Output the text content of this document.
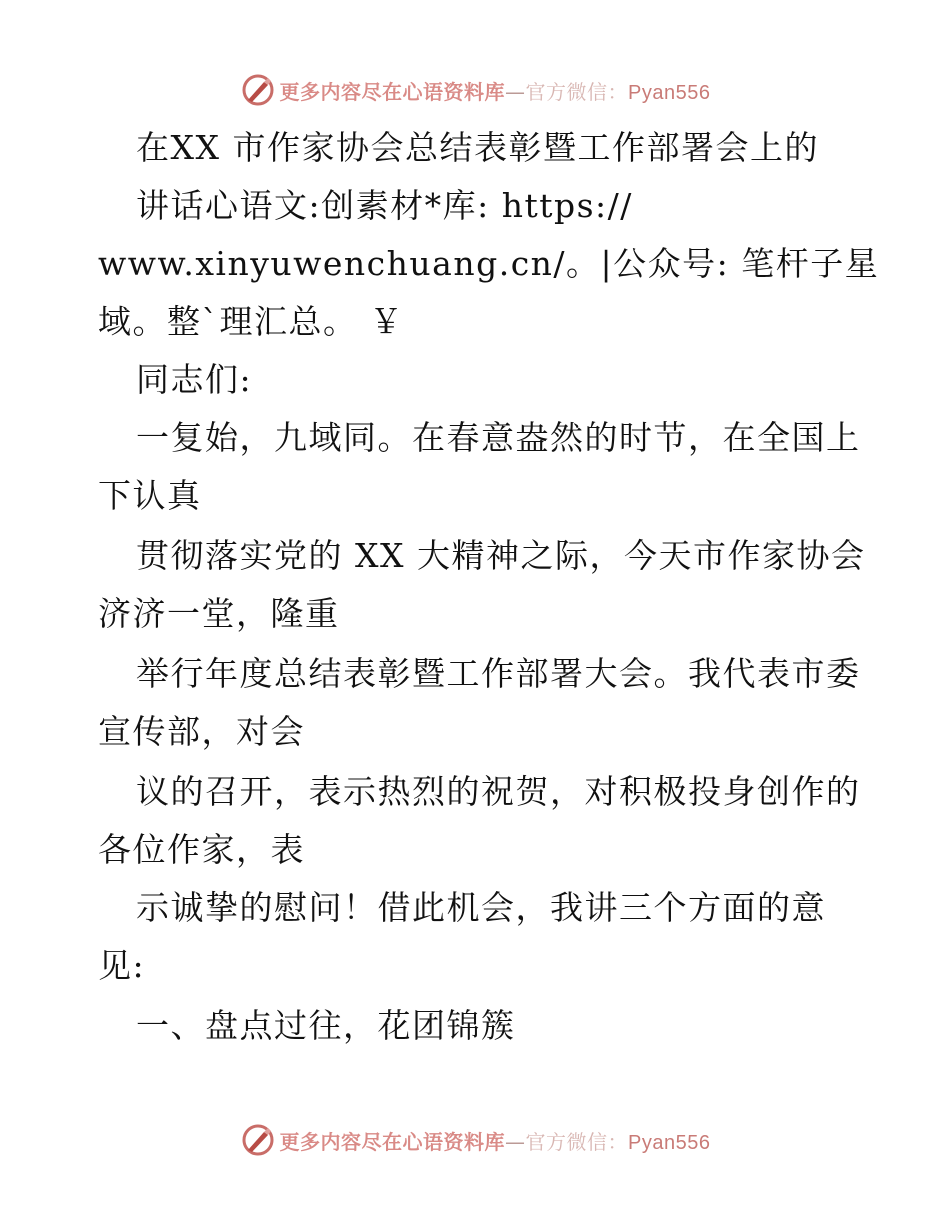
更多内容尽在心语资料库—官方微信：Pyan556
在XX 市作家协会总结表彰暨工作部署会上的
讲话心语文:创素材*库: https://
www.xinyuwenchuang.cn/。|公众号: 笔杆子星
域。整`理汇总。 ￥
同志们:
一复始，九域同。在春意盎然的时节，在全国上
下认真
贯彻落实党的 XX 大精神之际，今天市作家协会
济济一堂，隆重
举行年度总结表彰暨工作部署大会。我代表市委
宣传部，对会
议的召开，表示热烈的祝贺，对积极投身创作的
各位作家，表
示诚挚的慰问！借此机会，我讲三个方面的意
见:
一、盘点过往，花团锦簇
更多内容尽在心语资料库—官方微信：Pyan556
